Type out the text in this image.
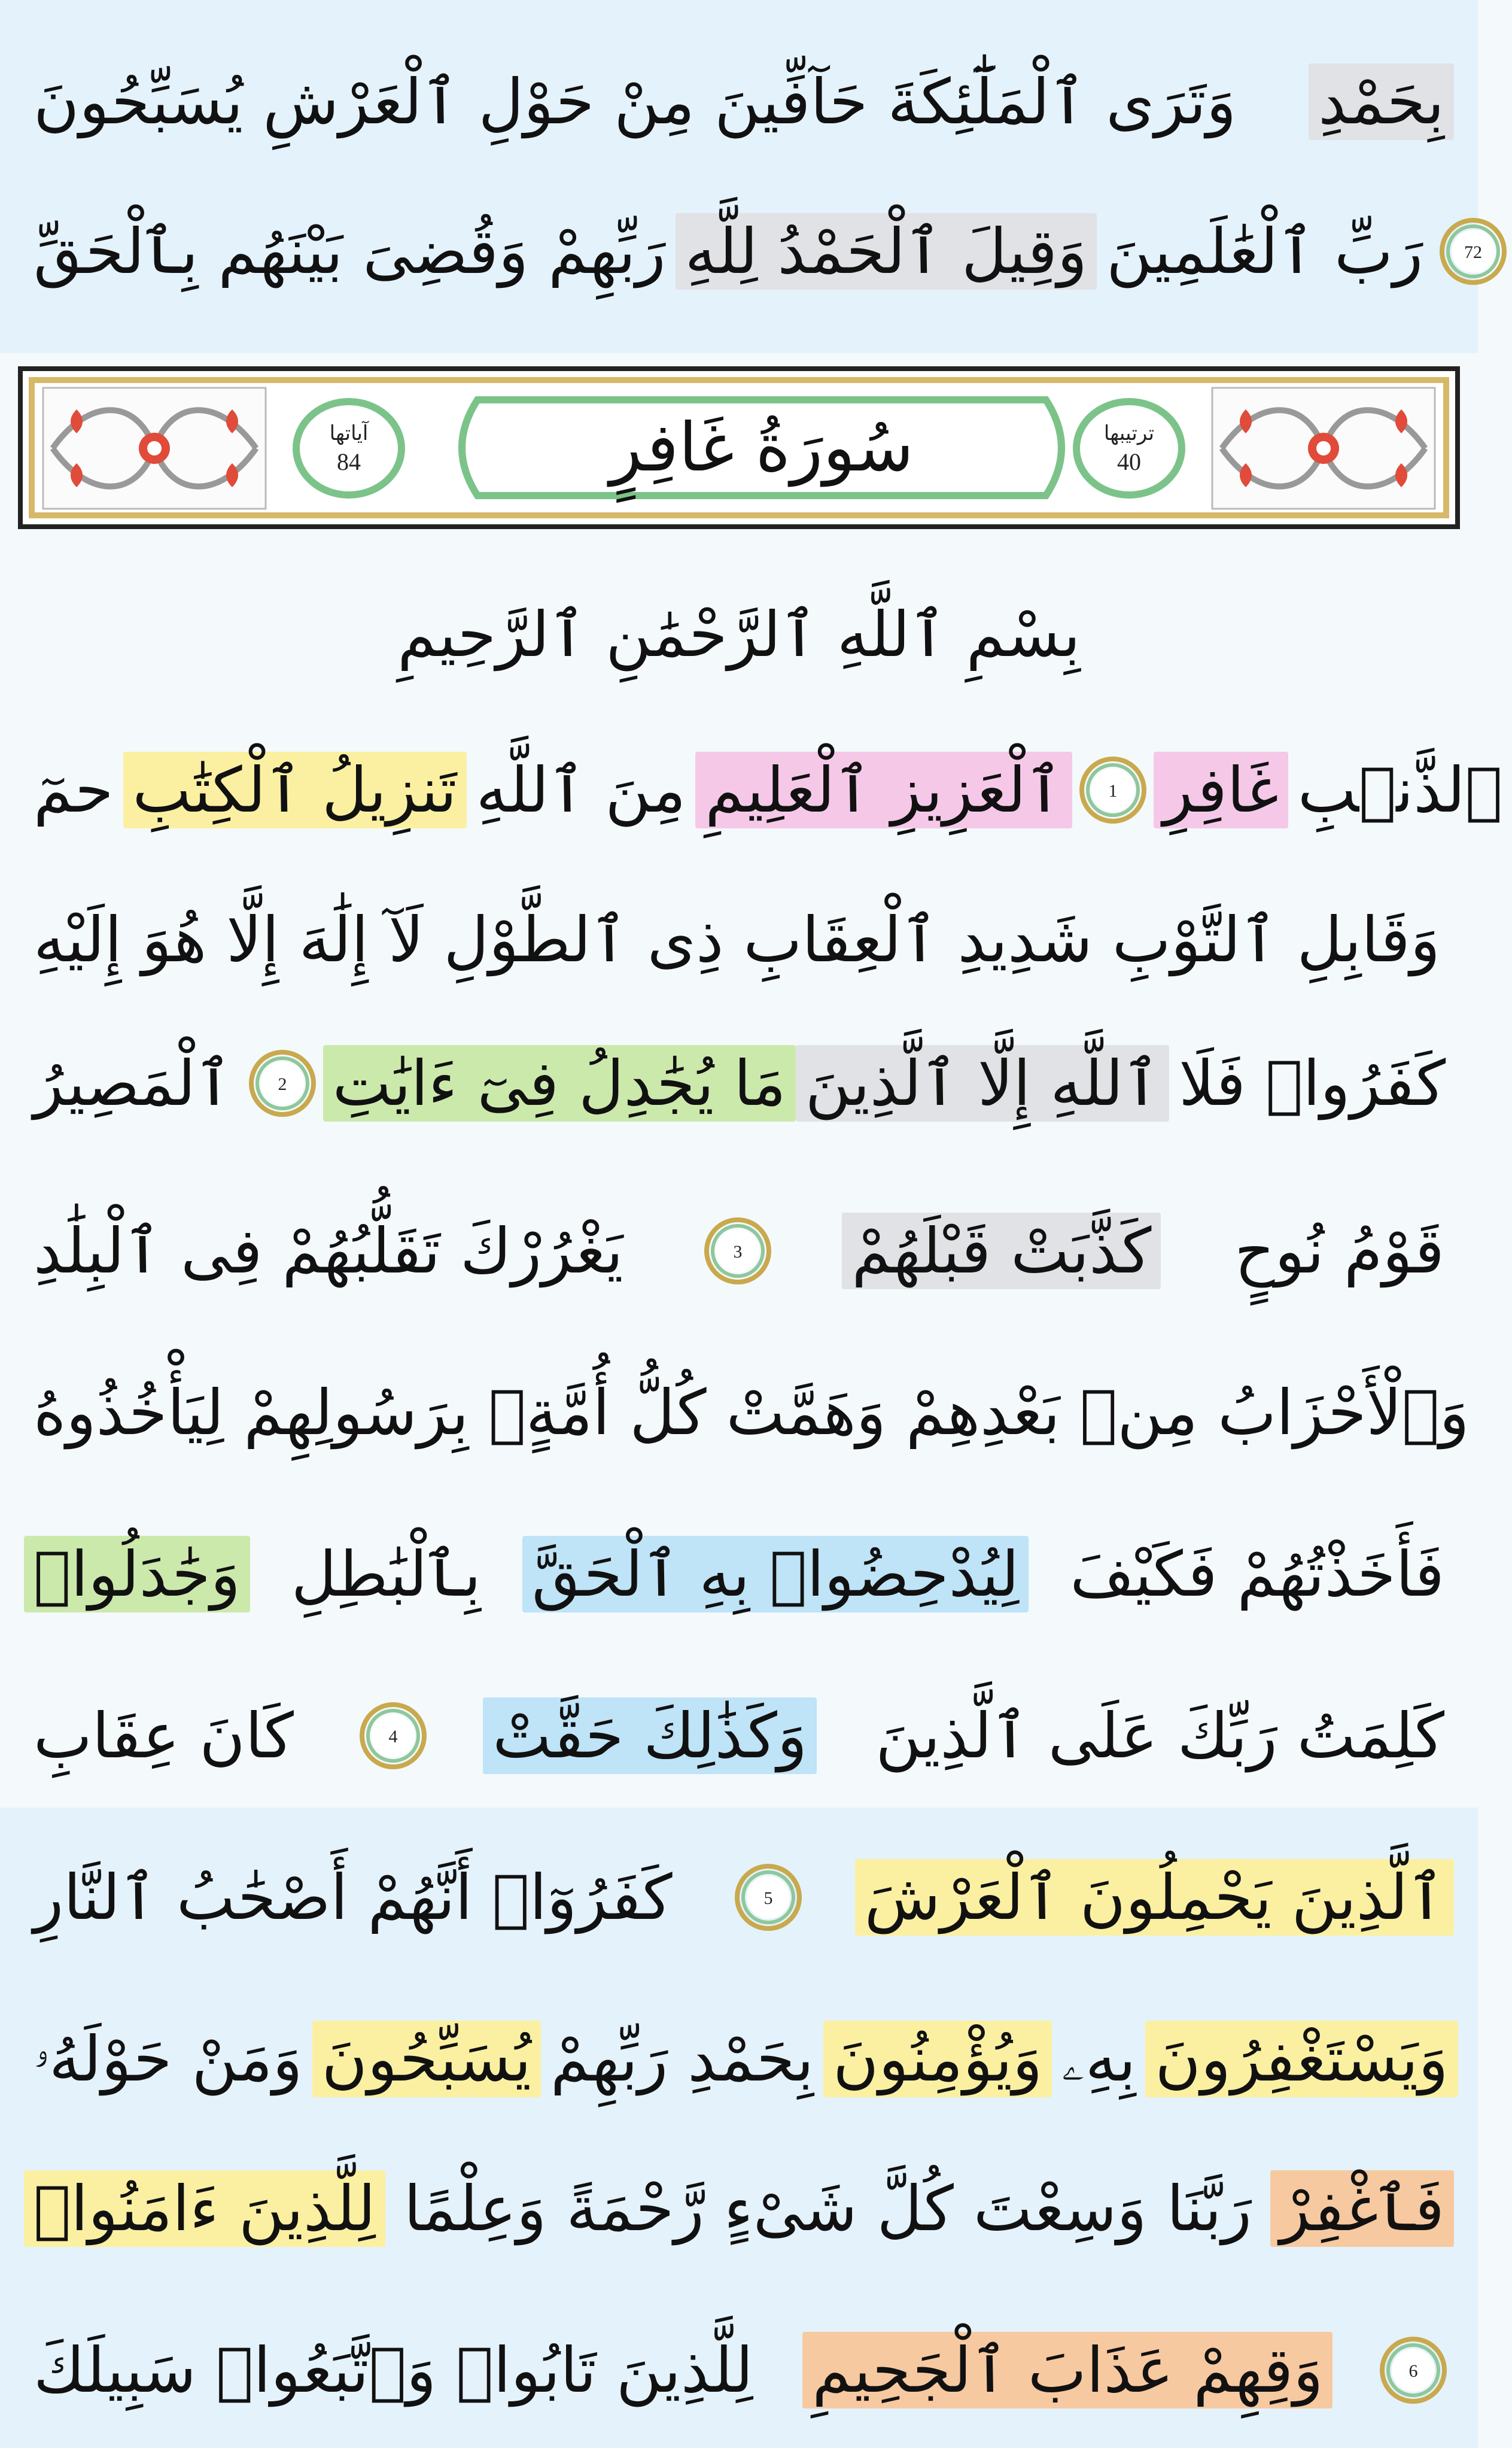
وَتَرَى ٱلْمَلَٰٓئِكَةَ حَآفِّينَ مِنْ حَوْلِ ٱلْعَرْشِ يُسَبِّحُونَ بِحَمْدِ
رَبِّهِمْ وَقُضِىَ بَيْنَهُم بِٱلْحَقِّ وَقِيلَ ٱلْحَمْدُ لِلَّهِ رَبِّ ٱلْعَٰلَمِينَ	72
آياتها
84	سُورَةُ غَافِرٍ	ترتيبها
40
بِسْمِ ٱللَّهِ ٱلرَّحْمَٰنِ ٱلرَّحِيمِ
حمٓ تَنزِيلُ ٱلْكِتَٰبِ مِنَ ٱللَّهِ ٱلْعَزِيزِ ٱلْعَلِيمِ	1 غَافِرِ ٱلذَّنۢبِ
وَقَابِلِ ٱلتَّوْبِ شَدِيدِ ٱلْعِقَابِ ذِى ٱلطَّوْلِ لَآ إِلَٰهَ إِلَّا هُوَ إِلَيْهِ
ٱلْمَصِيرُ	2 مَا يُجَٰدِلُ فِىٓ ءَايَٰتِ ٱللَّهِ إِلَّا ٱلَّذِينَ كَفَرُوا۟ فَلَا
يَغْرُرْكَ تَقَلُّبُهُمْ فِى ٱلْبِلَٰدِ	3 كَذَّبَتْ قَبْلَهُمْ قَوْمُ نُوحٍ
وَٱلْأَحْزَابُ مِنۢ بَعْدِهِمْ وَهَمَّتْ كُلُّ أُمَّةٍۭ بِرَسُولِهِمْ لِيَأْخُذُوهُ
وَجَٰدَلُوا۟ بِٱلْبَٰطِلِ لِيُدْحِضُوا۟ بِهِ ٱلْحَقَّ فَأَخَذْتُهُمْ فَكَيْفَ
كَانَ عِقَابِ	4 وَكَذَٰلِكَ حَقَّتْ كَلِمَتُ رَبِّكَ عَلَى ٱلَّذِينَ
كَفَرُوٓا۟ أَنَّهُمْ أَصْحَٰبُ ٱلنَّارِ	5 ٱلَّذِينَ يَحْمِلُونَ ٱلْعَرْشَ
وَمَنْ حَوْلَهُۥ يُسَبِّحُونَ بِحَمْدِ رَبِّهِمْ وَيُؤْمِنُونَ بِهِۦ وَيَسْتَغْفِرُونَ
لِلَّذِينَ ءَامَنُوا۟ رَبَّنَا وَسِعْتَ كُلَّ شَىْءٍ رَّحْمَةً وَعِلْمًا فَٱغْفِرْ
لِلَّذِينَ تَابُوا۟ وَٱتَّبَعُوا۟ سَبِيلَكَ وَقِهِمْ عَذَابَ ٱلْجَحِيمِ	6
